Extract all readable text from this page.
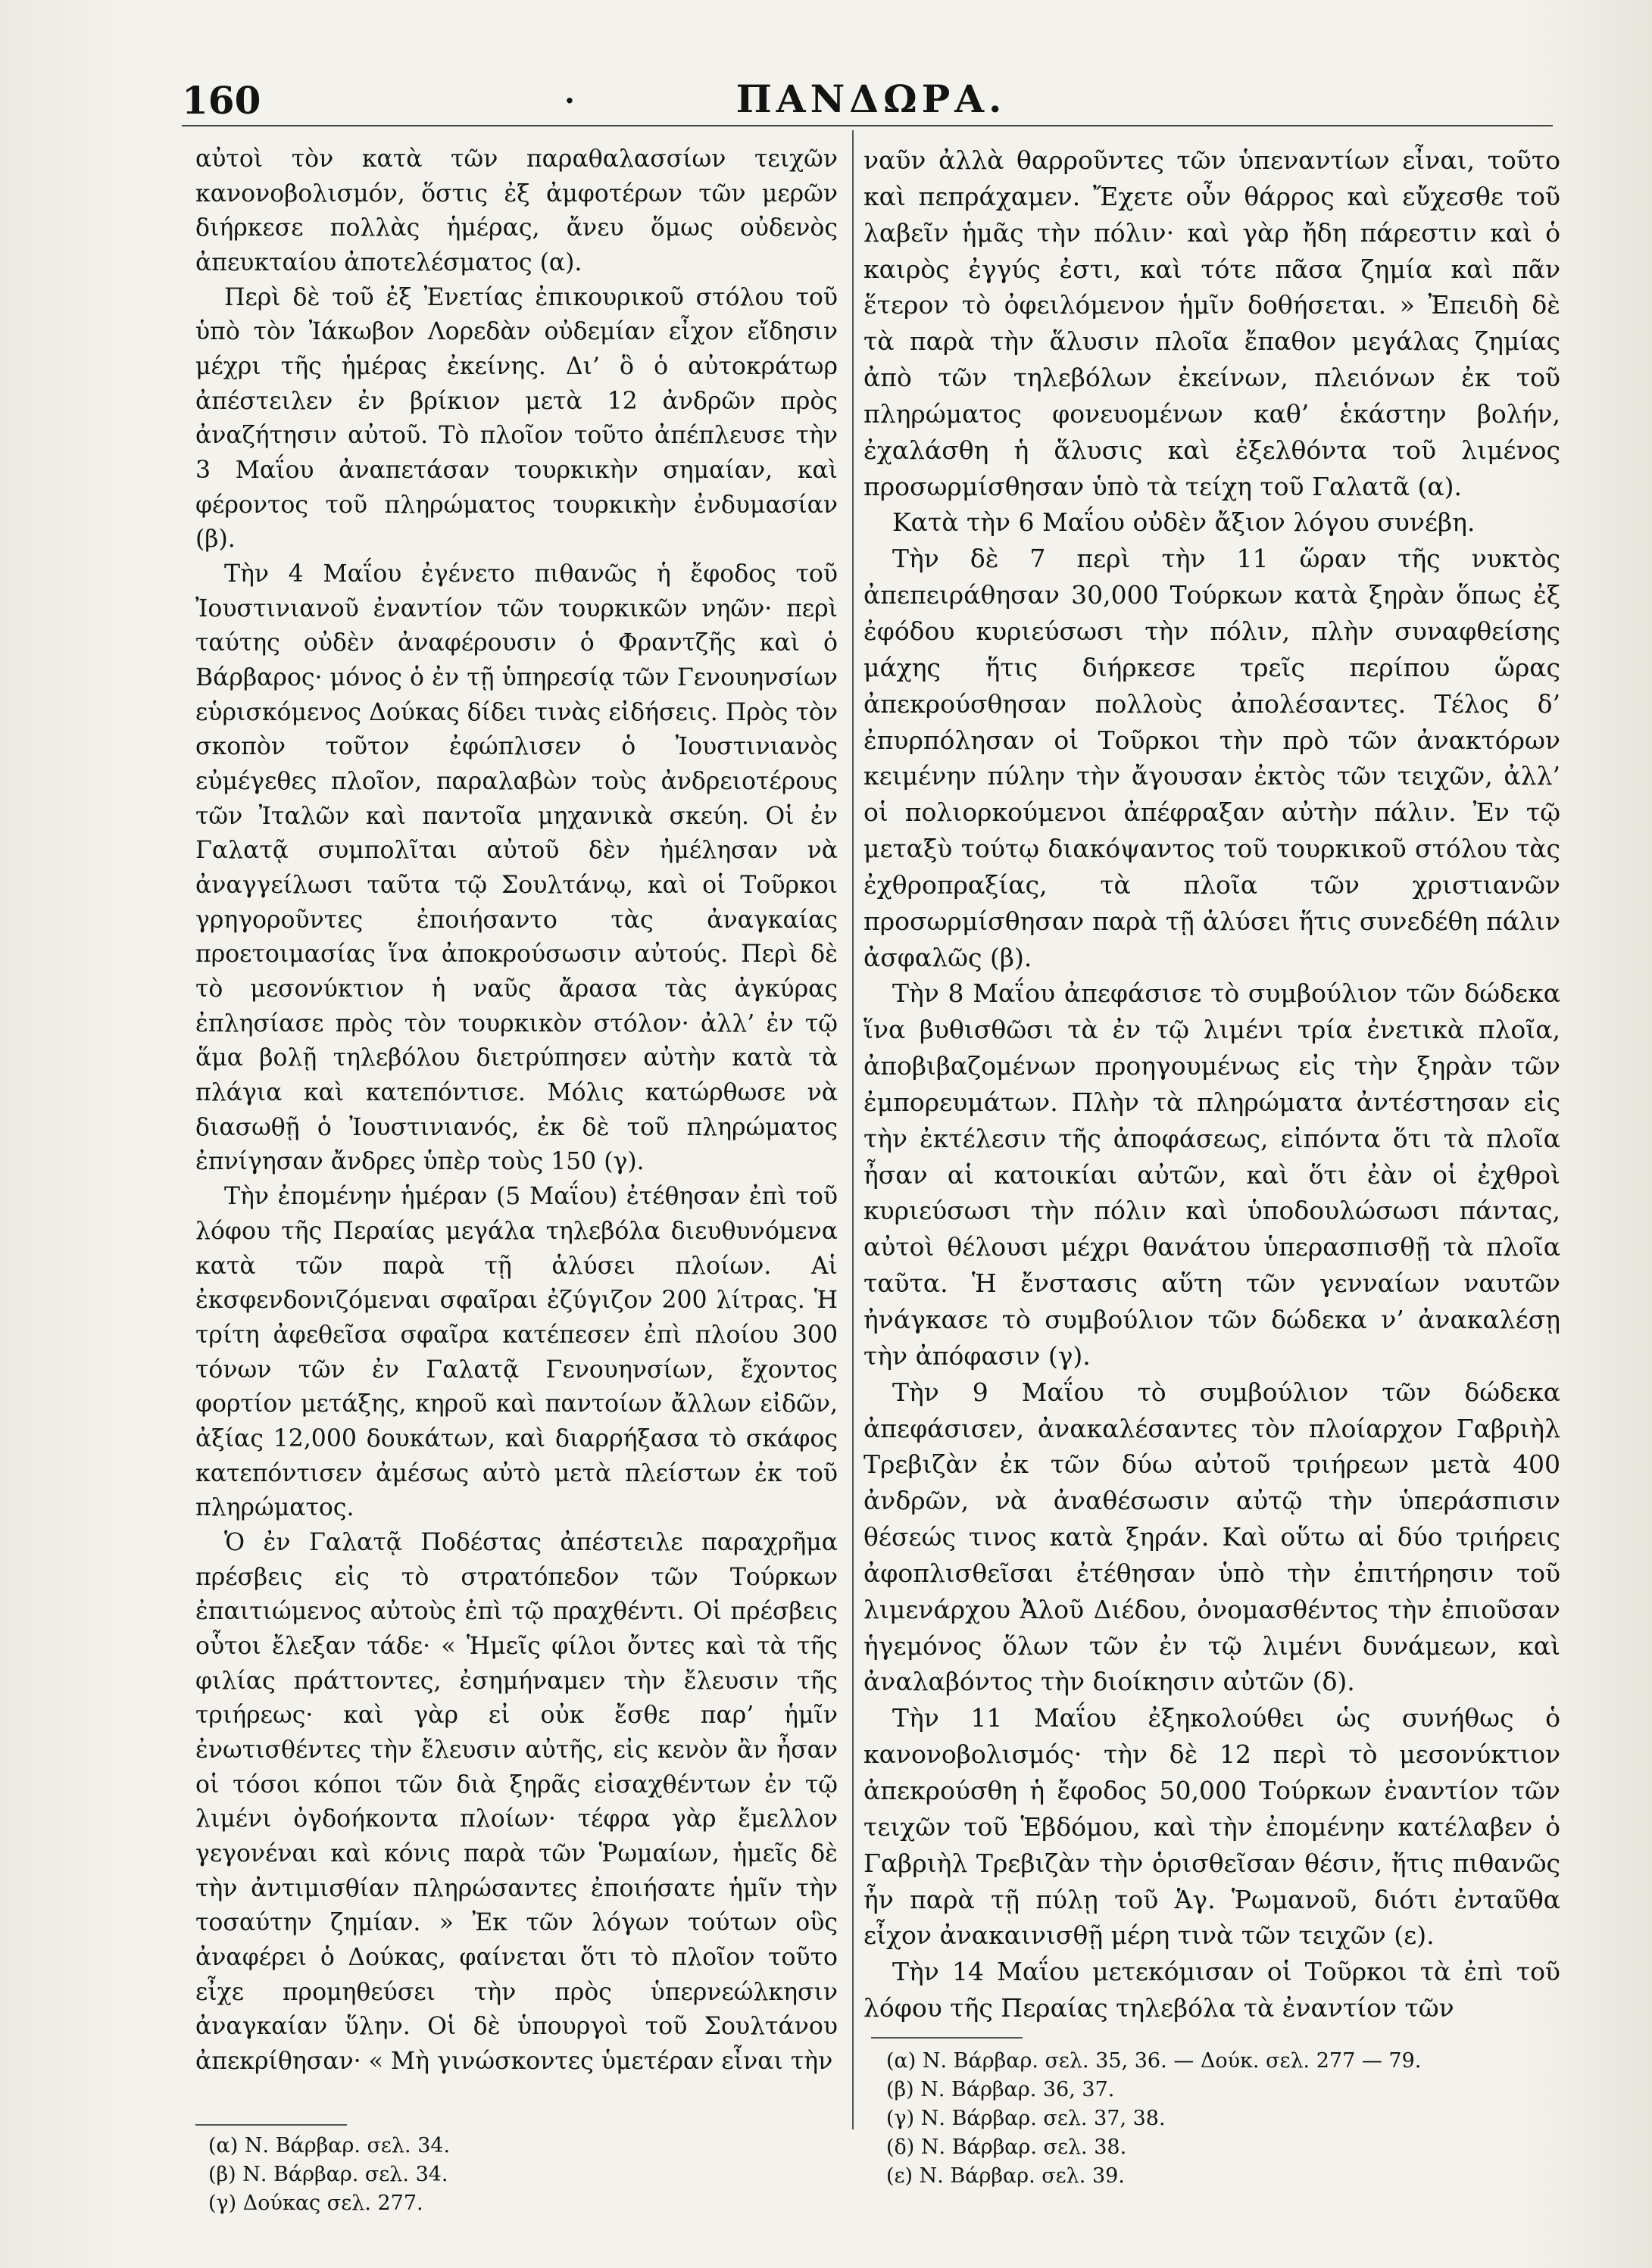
160	.	ΠΑΝΔΩΡΑ.

αὐτοὶ τὸν κατὰ τῶν παραθαλασσίων τειχῶν κανονοβολισμόν, ὅστις ἐξ ἀμφοτέρων τῶν μερῶν διήρκεσε πολλὰς ἡμέρας, ἄνευ ὅμως οὐδενὸς ἀπευκταίου ἀποτελέσματος (α).

Περὶ δὲ τοῦ ἐξ Ἐνετίας ἐπικουρικοῦ στόλου τοῦ ὑπὸ τὸν Ἰάκωβον Λορεδὰν οὐδεμίαν εἶχον εἴδησιν μέχρι τῆς ἡμέρας ἐκείνης. Δι’ ὃ ὁ αὐτοκράτωρ ἀπέστειλεν ἐν βρίκιον μετὰ 12 ἀνδρῶν πρὸς ἀναζήτησιν αὐτοῦ. Τὸ πλοῖον τοῦτο ἀπέπλευσε τὴν 3 Μαΐου ἀναπετάσαν τουρκικὴν σημαίαν, καὶ φέροντος τοῦ πληρώματος τουρκικὴν ἐνδυμασίαν (β).

Τὴν 4 Μαΐου ἐγένετο πιθανῶς ἡ ἔφοδος τοῦ Ἰουστινιανοῦ ἐναντίον τῶν τουρκικῶν νηῶν· περὶ ταύτης οὐδὲν ἀναφέρουσιν ὁ Φραντζῆς καὶ ὁ Βάρβαρος· μόνος ὁ ἐν τῇ ὑπηρεσίᾳ τῶν Γενουηνσίων εὑρισκόμενος Δούκας δίδει τινὰς εἰδήσεις. Πρὸς τὸν σκοπὸν τοῦτον ἐφώπλισεν ὁ Ἰουστινιανὸς εὐμέγεθες πλοῖον, παραλαβὼν τοὺς ἀνδρειοτέρους τῶν Ἰταλῶν καὶ παντοῖα μηχανικὰ σκεύη. Οἱ ἐν Γαλατᾷ συμπολῖται αὐτοῦ δὲν ἠμέλησαν νὰ ἀναγγείλωσι ταῦτα τῷ Σουλτάνῳ, καὶ οἱ Τοῦρκοι γρηγοροῦντες ἐποιήσαντο τὰς ἀναγκαίας προετοιμασίας ἵνα ἀποκρούσωσιν αὐτούς. Περὶ δὲ τὸ μεσονύκτιον ἡ ναῦς ἄρασα τὰς ἀγκύρας ἐπλησίασε πρὸς τὸν τουρκικὸν στόλον· ἀλλ’ ἐν τῷ ἅμα βολῇ τηλεβόλου διετρύπησεν αὐτὴν κατὰ τὰ πλάγια καὶ κατεπόντισε. Μόλις κατώρθωσε νὰ διασωθῇ ὁ Ἰουστινιανός, ἐκ δὲ τοῦ πληρώματος ἐπνίγησαν ἄνδρες ὑπὲρ τοὺς 150 (γ).

Τὴν ἐπομένην ἡμέραν (5 Μαΐου) ἐτέθησαν ἐπὶ τοῦ λόφου τῆς Περαίας μεγάλα τηλεβόλα διευθυνόμενα κατὰ τῶν παρὰ τῇ ἁλύσει πλοίων. Αἱ ἐκσφενδονιζόμεναι σφαῖραι ἐζύγιζον 200 λίτρας. Ἡ τρίτη ἀφεθεῖσα σφαῖρα κατέπεσεν ἐπὶ πλοίου 300 τόνων τῶν ἐν Γαλατᾷ Γενουηνσίων, ἔχοντος φορτίον μετάξης, κηροῦ καὶ παντοίων ἄλλων εἰδῶν, ἀξίας 12,000 δουκάτων, καὶ διαρρήξασα τὸ σκάφος κατεπόντισεν ἀμέσως αὐτὸ μετὰ πλείστων ἐκ τοῦ πληρώματος.

Ὁ ἐν Γαλατᾷ Ποδέστας ἀπέστειλε παραχρῆμα πρέσβεις εἰς τὸ στρατόπεδον τῶν Τούρκων ἐπαιτιώμενος αὐτοὺς ἐπὶ τῷ πραχθέντι. Οἱ πρέσβεις οὗτοι ἔλεξαν τάδε· « Ἡμεῖς φίλοι ὄντες καὶ τὰ τῆς φιλίας πράττοντες, ἐσημήναμεν τὴν ἔλευσιν τῆς τριήρεως· καὶ γὰρ εἰ οὐκ ἔσθε παρ’ ἡμῖν ἐνωτισθέντες τὴν ἔλευσιν αὐτῆς, εἰς κενὸν ἂν ἦσαν οἱ τόσοι κόποι τῶν διὰ ξηρᾶς εἰσαχθέντων ἐν τῷ λιμένι ὀγδοήκοντα πλοίων· τέφρα γὰρ ἔμελλον γεγονέναι καὶ κόνις παρὰ τῶν Ῥωμαίων, ἡμεῖς δὲ τὴν ἀντιμισθίαν πληρώσαντες ἐποιήσατε ἡμῖν τὴν τοσαύτην ζημίαν. » Ἐκ τῶν λόγων τούτων οὓς ἀναφέρει ὁ Δούκας, φαίνεται ὅτι τὸ πλοῖον τοῦτο εἶχε προμηθεύσει τὴν πρὸς ὑπερνεώλκησιν ἀναγκαίαν ὕλην. Οἱ δὲ ὑπουργοὶ τοῦ Σουλτάνου ἀπεκρίθησαν· « Μὴ γινώσκοντες ὑμετέραν εἶναι τὴν

ναῦν ἀλλὰ θαρροῦντες τῶν ὑπεναντίων εἶναι, τοῦτο καὶ πεπράχαμεν. Ἔχετε οὖν θάρρος καὶ εὔχεσθε τοῦ λαβεῖν ἡμᾶς τὴν πόλιν· καὶ γὰρ ἤδη πάρεστιν καὶ ὁ καιρὸς ἐγγύς ἐστι, καὶ τότε πᾶσα ζημία καὶ πᾶν ἕτερον τὸ ὀφειλόμενον ἡμῖν δοθήσεται. » Ἐπειδὴ δὲ τὰ παρὰ τὴν ἅλυσιν πλοῖα ἔπαθον μεγάλας ζημίας ἀπὸ τῶν τηλεβόλων ἐκείνων, πλειόνων ἐκ τοῦ πληρώματος φονευομένων καθ’ ἑκάστην βολήν, ἐχαλάσθη ἡ ἅλυσις καὶ ἐξελθόντα τοῦ λιμένος προσωρμίσθησαν ὑπὸ τὰ τείχη τοῦ Γαλατᾶ (α).

Κατὰ τὴν 6 Μαΐου οὐδὲν ἄξιον λόγου συνέβη.

Τὴν δὲ 7 περὶ τὴν 11 ὥραν τῆς νυκτὸς ἀπεπειράθησαν 30,000 Τούρκων κατὰ ξηρὰν ὅπως ἐξ ἐφόδου κυριεύσωσι τὴν πόλιν, πλὴν συναφθείσης μάχης ἥτις διήρκεσε τρεῖς περίπου ὥρας ἀπεκρούσθησαν πολλοὺς ἀπολέσαντες. Τέλος δ’ ἐπυρπόλησαν οἱ Τοῦρκοι τὴν πρὸ τῶν ἀνακτόρων κειμένην πύλην τὴν ἄγουσαν ἐκτὸς τῶν τειχῶν, ἀλλ’ οἱ πολιορκούμενοι ἀπέφραξαν αὐτὴν πάλιν. Ἐν τῷ μεταξὺ τούτῳ διακόψαντος τοῦ τουρκικοῦ στόλου τὰς ἐχθροπραξίας, τὰ πλοῖα τῶν χριστιανῶν προσωρμίσθησαν παρὰ τῇ ἁλύσει ἥτις συνεδέθη πάλιν ἀσφαλῶς (β).

Τὴν 8 Μαΐου ἀπεφάσισε τὸ συμβούλιον τῶν δώδεκα ἵνα βυθισθῶσι τὰ ἐν τῷ λιμένι τρία ἐνετικὰ πλοῖα, ἀποβιβαζομένων προηγουμένως εἰς τὴν ξηρὰν τῶν ἐμπορευμάτων. Πλὴν τὰ πληρώματα ἀντέστησαν εἰς τὴν ἐκτέλεσιν τῆς ἀποφάσεως, εἰπόντα ὅτι τὰ πλοῖα ἦσαν αἱ κατοικίαι αὐτῶν, καὶ ὅτι ἐὰν οἱ ἐχθροὶ κυριεύσωσι τὴν πόλιν καὶ ὑποδουλώσωσι πάντας, αὐτοὶ θέλουσι μέχρι θανάτου ὑπερασπισθῇ τὰ πλοῖα ταῦτα. Ἡ ἔνστασις αὕτη τῶν γενναίων ναυτῶν ἠνάγκασε τὸ συμβούλιον τῶν δώδεκα ν’ ἀνακαλέσῃ τὴν ἀπόφασιν (γ).

Τὴν 9 Μαΐου τὸ συμβούλιον τῶν δώδεκα ἀπεφάσισεν, ἀνακαλέσαντες τὸν πλοίαρχον Γαβριὴλ Τρεβιζὰν ἐκ τῶν δύω αὐτοῦ τριήρεων μετὰ 400 ἀνδρῶν, νὰ ἀναθέσωσιν αὐτῷ τὴν ὑπεράσπισιν θέσεώς τινος κατὰ ξηράν. Καὶ οὕτω αἱ δύο τριήρεις ἀφοπλισθεῖσαι ἐτέθησαν ὑπὸ τὴν ἐπιτήρησιν τοῦ λιμενάρχου Ἀλοῦ Διέδου, ὀνομασθέντος τὴν ἐπιοῦσαν ἡγεμόνος ὅλων τῶν ἐν τῷ λιμένι δυνάμεων, καὶ ἀναλαβόντος τὴν διοίκησιν αὐτῶν (δ).

Τὴν 11 Μαΐου ἐξηκολούθει ὡς συνήθως ὁ κανονοβολισμός· τὴν δὲ 12 περὶ τὸ μεσονύκτιον ἀπεκρούσθη ἡ ἔφοδος 50,000 Τούρκων ἐναντίον τῶν τειχῶν τοῦ Ἑβδόμου, καὶ τὴν ἐπομένην κατέλαβεν ὁ Γαβριὴλ Τρεβιζὰν τὴν ὁρισθεῖσαν θέσιν, ἥτις πιθανῶς ἦν παρὰ τῇ πύλῃ τοῦ Ἁγ. Ῥωμανοῦ, διότι ἐνταῦθα εἶχον ἀνακαινισθῇ μέρη τινὰ τῶν τειχῶν (ε).

Τὴν 14 Μαΐου μετεκόμισαν οἱ Τοῦρκοι τὰ ἐπὶ τοῦ λόφου τῆς Περαίας τηλεβόλα τὰ ἐναντίον τῶν

(α) Ν. Βάρβαρ. σελ. 35, 36. — Δούκ. σελ. 277 — 79.
(β) Ν. Βάρβαρ. 36, 37.
(γ) Ν. Βάρβαρ. σελ. 37, 38.
(δ) Ν. Βάρβαρ. σελ. 38.
(ε) Ν. Βάρβαρ. σελ. 39.
(α) Ν. Βάρβαρ. σελ. 34.
(β) Ν. Βάρβαρ. σελ. 34.
(γ) Δούκας σελ. 277.
